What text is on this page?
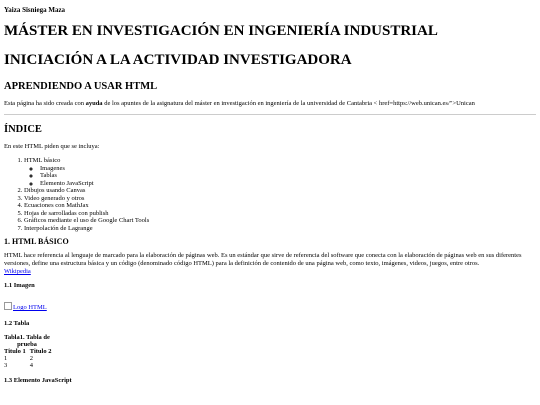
Yaiza Sisniega Maza
MÁSTER EN INVESTIGACIÓN EN INGENIERÍA INDUSTRIAL
INICIACIÓN A LA ACTIVIDAD INVESTIGADORA
APRENDIENDO A USAR HTML

Esta página ha sido creada con ayuda de los apuntes de la asignatura del máster en investigación en ingeniería de la universidad de Cantabria < href=https://web.unican.es/">Unican

ÍNDICE

En este HTML piden que se incluya:

1. HTML básico
◦ Imagenes
◦ Tablas
◦ Elemento JavaScript
2. Dibujos usando Canvas
3. Video generado y otros
4. Ecuaciones con MathJax
5. Hojas de sarrolladas con publish
6. Gráficos mediante el uso de Google Chart Tools
7. Interpolación de Lagrange
1. HTML BÁSICO

HTML hace referencia al lenguaje de marcado para la elaboración de páginas web. Es un estándar que sirve de referencia del software que conecta con la elaboración de páginas web en sus diferentes versiones, define una estructura básica y un código (denominado código HTML) para la definición de contenido de una página web, como texto, imágenes, videos, juegos, entre otros.
Wikipedia

1.1 Imagen
Logo HTML
1.2 Tabla
Tabla1. Tabla de prueba
Titulo 1	Titulo 2
1	2
3	4
1.3 Elemento JavaScript
